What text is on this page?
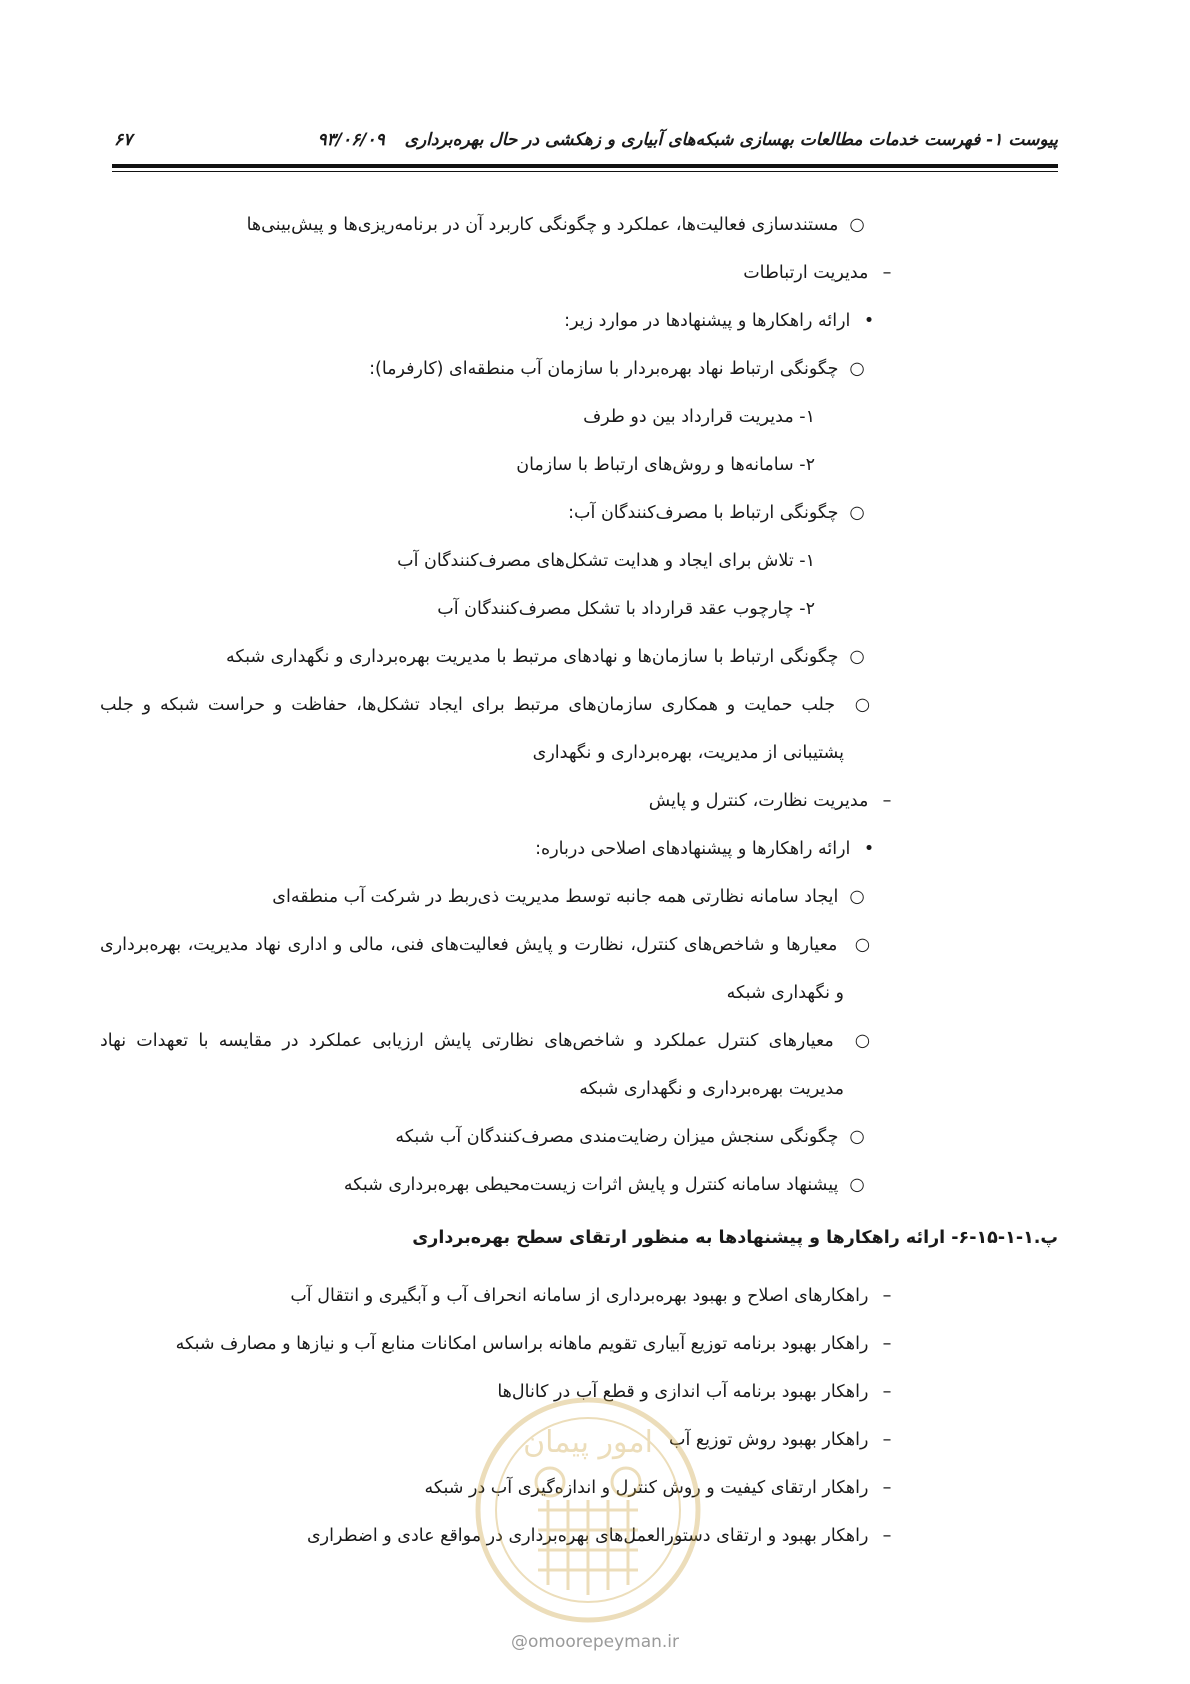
پیوست ۱- فهرست خدمات مطالعات بهسازی شبکه‌های آبیاری و زهکشی در حال بهره‌برداری ۹۳/۰۶/۰۹
۶۷
○ مستندسازی فعالیت‌ها، عملکرد و چگونگی کاربرد آن در برنامه‌ریزی‌ها و پیش‌بینی‌ها
– مدیریت ارتباطات
• ارائه راهکارها و پیشنهادها در موارد زیر:
○ چگونگی ارتباط نهاد بهره‌بردار با سازمان آب منطقه‌ای (کارفرما):
۱- مدیریت قرارداد بین دو طرف
۲- سامانه‌ها و روش‌های ارتباط با سازمان
○ چگونگی ارتباط با مصرف‌کنندگان آب:
۱- تلاش برای ایجاد و هدایت تشکل‌های مصرف‌کنندگان آب
۲- چارچوب عقد قرارداد با تشکل مصرف‌کنندگان آب
○ چگونگی ارتباط با سازمان‌ها و نهادهای مرتبط با مدیریت بهره‌برداری و نگهداری شبکه
○ جلب حمایت و همکاری سازمان‌های مرتبط برای ایجاد تشکل‌ها، حفاظت و حراست شبکه و جلب
پشتیبانی از مدیریت، بهره‌برداری و نگهداری
– مدیریت نظارت، کنترل و پایش
• ارائه راهکارها و پیشنهادهای اصلاحی درباره:
○ ایجاد سامانه نظارتی همه جانبه توسط مدیریت ذی‌ربط در شرکت آب منطقه‌ای
○ معیارها و شاخص‌های کنترل، نظارت و پایش فعالیت‌های فنی، مالی و اداری نهاد مدیریت، بهره‌برداری
و نگهداری شبکه
○ معیارهای کنترل عملکرد و شاخص‌های نظارتی پایش ارزیابی عملکرد در مقایسه با تعهدات نهاد
مدیریت بهره‌برداری و نگهداری شبکه
○ چگونگی سنجش میزان رضایت‌مندی مصرف‌کنندگان آب شبکه
○ پیشنهاد سامانه کنترل و پایش اثرات زیست‌محیطی بهره‌برداری شبکه
پ.۱-۱-۱۵-۶- ارائه راهکارها و پیشنهادها به منظور ارتقای سطح بهره‌برداری
– راهکارهای اصلاح و بهبود بهره‌برداری از سامانه انحراف آب و آبگیری و انتقال آب
– راهکار بهبود برنامه توزیع آبیاری تقویم ماهانه براساس امکانات منابع آب و نیازها و مصارف شبکه
– راهکار بهبود برنامه آب اندازی و قطع آب در کانال‌ها
– راهکار بهبود روش توزیع آب
– راهکار ارتقای کیفیت و روش کنترل و اندازه‌گیری آب در شبکه
– راهکار بهبود و ارتقای دستورالعمل‌های بهره‌برداری در مواقع عادی و اضطراری
امور پیمان
@omoorepeyman.ir
